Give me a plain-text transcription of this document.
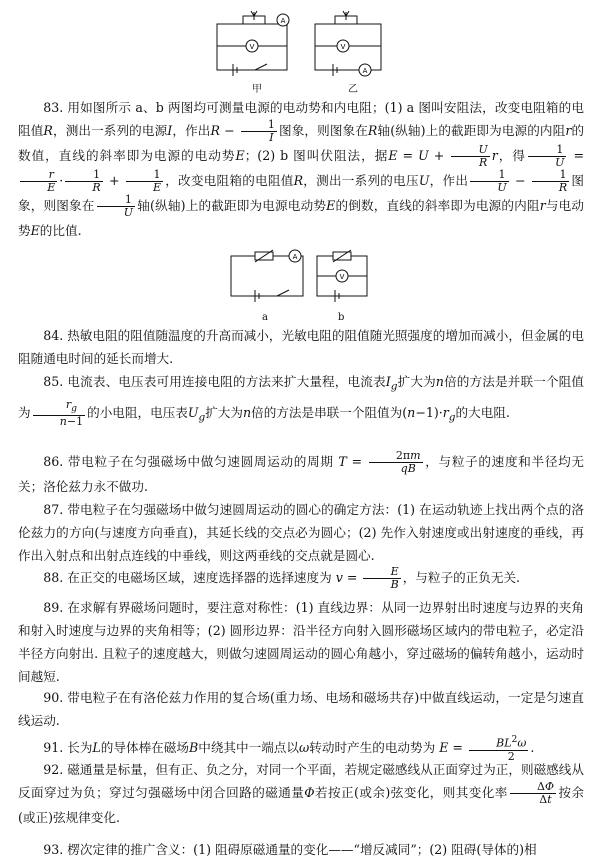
A
V	V
A
甲	乙
83. 用如图所示 a、b 两图均可测量电源的电动势和内电阻；(1) a 图叫安阻法，改变电阻箱的电阻值R，测出一系列的电源I，作出$R - \frac{1}{I}$ 图象，则图象在R轴(纵轴)上的截距即为电源的内阻r的数值，直线的斜率即为电源的电动势E；(2) b 图叫伏阻法，据$E = U + \frac{U}{R}$ r，得 $\frac{1}{U}$ =
$\frac{r}{E} \cdot \frac{1}{R} + \frac{1}{E}$ ，改变电阻箱的电阻值R，测出一系列的电压U，作出 $\frac{1}{U} - \frac{1}{R}$ 图象，则图象在 $\frac{1}{U}$ 轴(纵轴)上的截距即为电源电动势E的倒数，直线的斜率即为电源的内阻r与电动势E的比值.
A
V
a	b
84. 热敏电阻的阻值随温度的升高而减小，光敏电阻的阻值随光照强度的增加而减小，但金属的电阻随通电时间的延长而增大.
85. 电流表、电压表可用连接电阻的方法来扩大量程，电流表$I_g$扩大为n倍的方法是并联一个阻值为 $\frac{r_g}{n-1}$ 的小电阻，电压表$U_g$扩大为n倍的方法是串联一个阻值为$(n-1)\cdot r_g$的大电阻.
86. 带电粒子在匀强磁场中做匀速圆周运动的周期 $T = \frac{2\pi m}{qB}$ ，与粒子的速度和半径均无关；洛伦兹力永不做功.
87. 带电粒子在匀强磁场中做匀速圆周运动的圆心的确定方法：(1) 在运动轨迹上找出两个点的洛伦兹力的方向(与速度方向垂直)，其延长线的交点必为圆心；(2) 先作入射速度或出射速度的垂线，再作出入射点和出射点连线的中垂线，则这两垂线的交点就是圆心.
88. 在正交的电磁场区域，速度选择器的选择速度为 $v = \frac{E}{B}$ ，与粒子的正负无关.
89. 在求解有界磁场问题时，要注意对称性：(1) 直线边界：从同一边界射出时速度与边界的夹角和射入时速度与边界的夹角相等；(2) 圆形边界：沿半径方向射入圆形磁场区域内的带电粒子，必定沿半径方向射出. 且粒子的速度越大，则做匀速圆周运动的圆心角越小，穿过磁场的偏转角越小，运动时间越短.
90. 带电粒子在有洛伦兹力作用的复合场(重力场、电场和磁场共存)中做直线运动，一定是匀速直线运动.
91. 长为L的导体棒在磁场B中绕其中一端点以ω转动时产生的电动势为 $E = \frac{BL^2\omega}{2}$ .
92. 磁通量是标量，但有正、负之分，对同一个平面，若规定磁感线从正面穿过为正，则磁感线从反面穿过为负；穿过匀强磁场中闭合回路的磁通量Φ若按正(或余)弦变化，则其变化率 $\frac{\Delta\Phi}{\Delta t}$ 按余(或正)弦规律变化.
93. 楞次定律的推广含义：(1) 阻碍原磁通量的变化——“增反减同”；(2) 阻碍(导体的)相
